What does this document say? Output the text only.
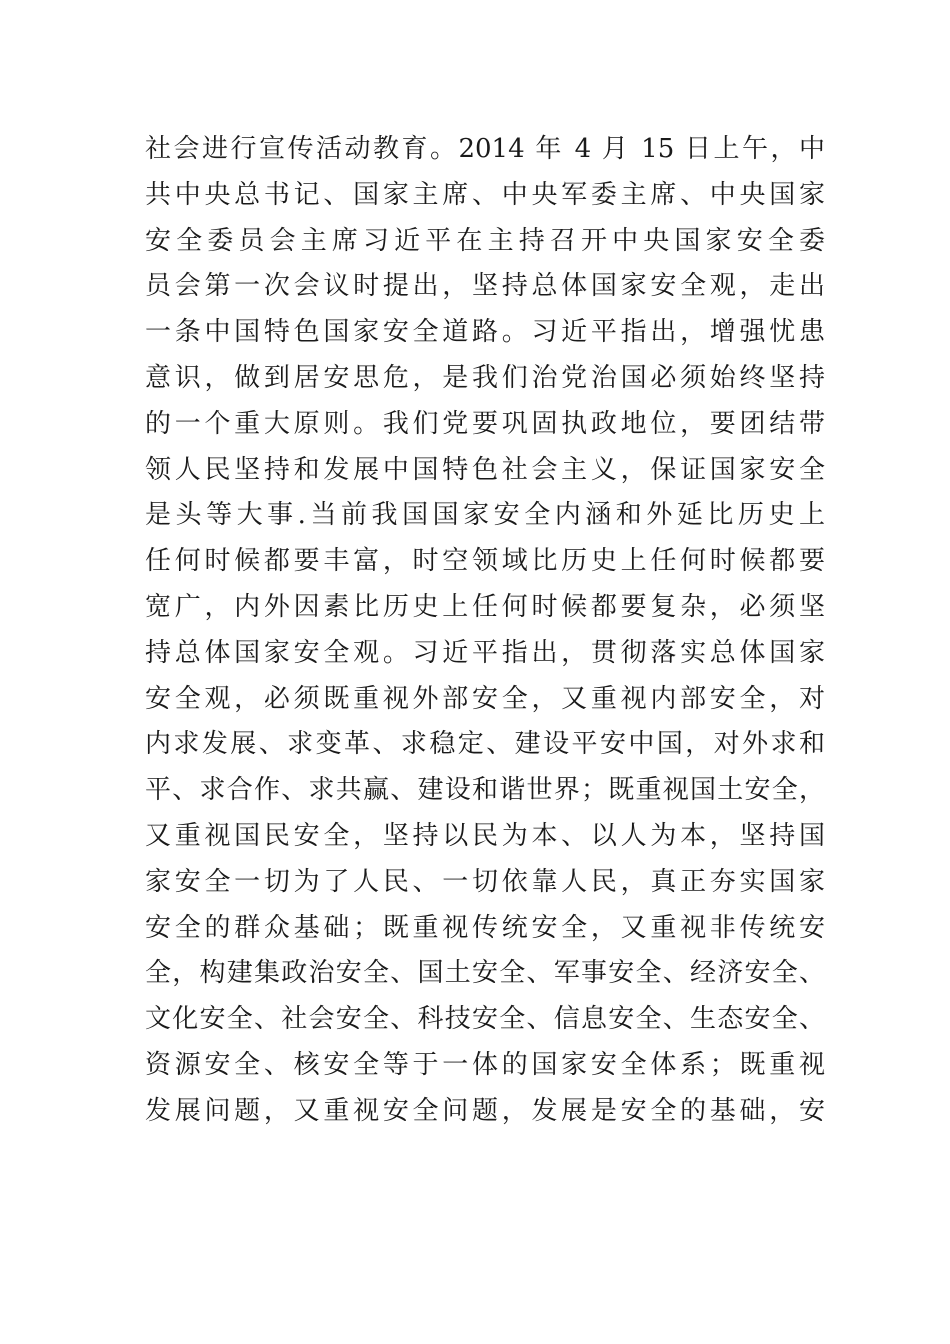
社会进行宣传活动教育。2014 年 4 月 15 日上午，中
共中央总书记、国家主席、中央军委主席、中央国家
安全委员会主席习近平在主持召开中央国家安全委
员会第一次会议时提出，坚持总体国家安全观，走出
一条中国特色国家安全道路。习近平指出，增强忧患
意识，做到居安思危，是我们治党治国必须始终坚持
的一个重大原则。我们党要巩固执政地位，要团结带
领人民坚持和发展中国特色社会主义，保证国家安全
是头等大事.当前我国国家安全内涵和外延比历史上
任何时候都要丰富，时空领域比历史上任何时候都要
宽广，内外因素比历史上任何时候都要复杂，必须坚
持总体国家安全观。习近平指出，贯彻落实总体国家
安全观，必须既重视外部安全，又重视内部安全，对
内求发展、求变革、求稳定、建设平安中国，对外求和
平、求合作、求共赢、建设和谐世界；既重视国土安全，
又重视国民安全，坚持以民为本、以人为本，坚持国
家安全一切为了人民、一切依靠人民，真正夯实国家
安全的群众基础；既重视传统安全，又重视非传统安
全，构建集政治安全、国土安全、军事安全、经济安全、
文化安全、社会安全、科技安全、信息安全、生态安全、
资源安全、核安全等于一体的国家安全体系；既重视
发展问题，又重视安全问题，发展是安全的基础，安
